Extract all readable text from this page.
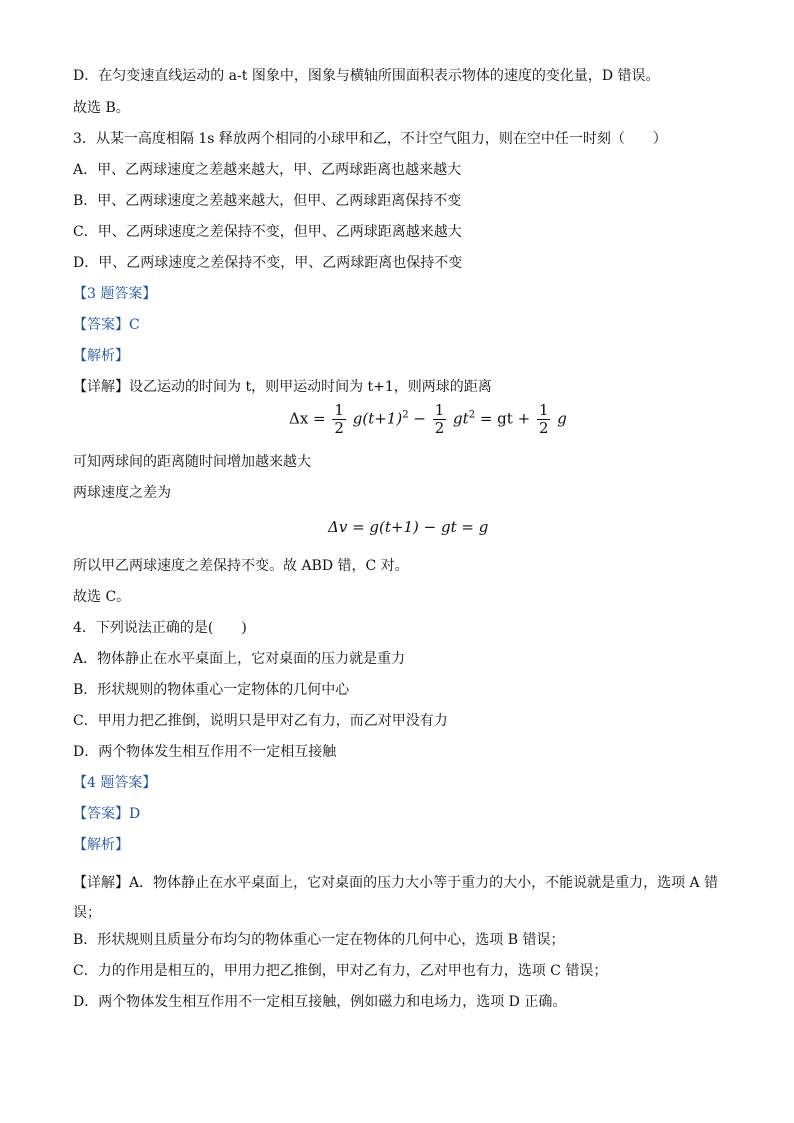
D．在匀变速直线运动的 a-t 图象中，图象与横轴所围面积表示物体的速度的变化量，D 错误。
故选 B。
3．从某一高度相隔 1s 释放两个相同的小球甲和乙，不计空气阻力，则在空中任一时刻（　　）
A．甲、乙两球速度之差越来越大，甲、乙两球距离也越来越大
B．甲、乙两球速度之差越来越大，但甲、乙两球距离保持不变
C．甲、乙两球速度之差保持不变，但甲、乙两球距离越来越大
D．甲、乙两球速度之差保持不变，甲、乙两球距离也保持不变
【3 题答案】
【答案】C
【解析】
【详解】设乙运动的时间为 t，则甲运动时间为 t+1，则两球的距离
$\Delta x = \frac{1}{2} g(t+1)^2 - \frac{1}{2} gt^2$ = gt + $\frac{1}{2}$ g
可知两球间的距离随时间增加越来越大
两球速度之差为
Δv = g(t+1) − gt = g
所以甲乙两球速度之差保持不变。故 ABD 错，C 对。
故选 C。
4．下列说法正确的是(　　)
A．物体静止在水平桌面上，它对桌面的压力就是重力
B．形状规则的物体重心一定物体的几何中心
C．甲用力把乙推倒，说明只是甲对乙有力，而乙对甲没有力
D．两个物体发生相互作用不一定相互接触
【4 题答案】
【答案】D
【解析】
【详解】A．物体静止在水平桌面上，它对桌面的压力大小等于重力的大小，不能说就是重力，选项 A 错误；
B．形状规则且质量分布均匀的物体重心一定在物体的几何中心，选项 B 错误；
C．力的作用是相互的，甲用力把乙推倒，甲对乙有力，乙对甲也有力，选项 C 错误；
D．两个物体发生相互作用不一定相互接触，例如磁力和电场力，选项 D 正确。
